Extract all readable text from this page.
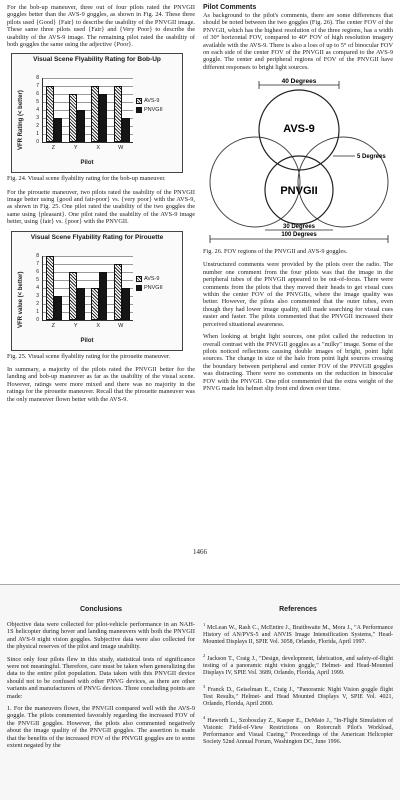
For the bob-up maneuver, three out of four pilots rated the PNVGII goggles better than the AVS-9 goggles, as shown in Fig. 24. These three pilots used {Good} {Fair} to describe the usability of the PNVGII image. These same three pilots used {Fair} and {Very Poor} to describe the usability of the AVS-9 image. The remaining pilot rated the usability of both goggles the same using the adjective {Poor}.

Visual Scene Flyability Rating for Bob-Up
VFR Rating (< better)
Pilot
AVS-9
PNVGII
0
1
2
3
4
5
6
7
8
Z	Y	X	W

Fig. 24. Visual scene flyability rating for the bob-up maneuver.

For the pirouette maneuver, two pilots rated the usability of the PNVGII image better using {good and fair-poor} vs. {very poor} with the AVS-9, as shown in Fig. 25. One pilot rated the usability of the two goggles the same using {pleasant}. One pilot rated the usability of the AVS-9 image better, using {fair} vs. {poor} with the PNVGII.

Visual Scene Flyability Rating for Pirouette
VFR value (< better)
Pilot
AVS-9
PNVGII
0
1
2
3
4
5
6
7
8
Z	Y	X	W

Fig. 25. Visual scene flyability rating for the pirouette maneuver.

In summary, a majority of the pilots rated the PNVGII better for the landing and bob-up maneuver as far as the usability of the visual scene. However, ratings were more mixed and there was no majority in the ratings for the pirouette maneuver. Recall that the pirouette maneuver was the only maneuver flown better with the AVS-9.

Pilot Comments

As background to the pilot's comments, there are some differences that should be noted between the two goggles (Fig. 26). The center FOV of the PNVGII, which has the highest resolution of the three regions, has a width of 30° horizontal FOV, compared to 40° FOV of high resolution imagery available with the AVS-9. There is also a loss of up to 5° of binocular FOV on each side of the center FOV of the PNVGII as compared to the AVS-9 goggle. The center and peripheral regions of FOV of the PNVGII have different responses to bright light sources.

40 Degrees
AVS-9
PNVGII
5 Degrees
30 Degrees
100 Degrees

Fig. 26. FOV regions of the PNVGII and AVS-9 goggles.

Unstructured comments were provided by the pilots over the radio. The number one comment from the four pilots was that the image in the peripheral tubes of the PNVGII appeared to be out-of-focus. There were comments from the pilots that they moved their heads to get visual cues within the center FOV of the PNVGIIs, where the image quality was better. However, the pilots also commented that the outer tubes, even though they had lower image quality, still made searching for visual cues easier and faster. The pilots commented that the PNVGII increased their perceived situational awareness.

When looking at bright light sources, one pilot called the reduction in overall contrast with the PNVGII goggles as a "milky" image. Some of the pilots noticed reflections causing double images of bright, point light sources. The change in size of the halo from point light sources crossing the boundary between peripheral and center FOV of the PNVGII goggles was distracting. There were no comments on the reduction in binocular FOV with the PNVGII. One pilot commented that the extra weight of the PNVG made his helmet slip front end down over time.

1466
Conclusions

Objective data were collected for pilot-vehicle performance in an NAH-1S helicopter during hover and landing maneuvers with both the PNVGII and AVS-9 night vision goggles. Subjective data were also collected for the physical reserves of the pilot and image usability.

Since only four pilots flew in this study, statistical tests of significance were not meaningful. Therefore, care must be taken when generalizing the data to the entire pilot population. Data taken with this PNVGII device should not to be confused with other PNVG devices, as there are other variants and manufacturers of PNVG devices. Three concluding points are made:

1. For the maneuvers flown, the PNVGII compared well with the AVS-9 goggle. The pilots commented favorably regarding the increased FOV of the PNVGII goggles. However, the pilots also commented negatively about the image quality of the PNVGII goggles. The assertion is made that the benefits of the increased FOV of the PNVGII goggles are to some extent negated by the

References

$^1$ McLean W., Rash C., McEntire J., Braithwaite M., Mora J., "A Performance History of AN/PVS-5 and ANVIS Image Intensification Systems," Head-Mounted Displays II, SPIE Vol. 3058, Orlando, Florida, April 1997.

$^2$ Jackson T., Craig J., "Design, development, fabrication, and safety-of-flight testing of a panoramic night vision goggle," Helmet- and Head-Mounted Displays IV, SPIE Vol. 3689, Orlando, Florida, April 1999.

$^3$ Franck D., Geiselman E., Craig J., "Panoramic Night Vision goggle flight Test Results," Helmet- and Head Mounted Displays V, SPIE Vol. 4021, Orlando, Florida, April 2000.

$^4$ Haworth L., Szoboszlay Z., Kasper E., DeMaio J., "In-Flight Simulation of Visionic Field-of-View Restrictions on Rotorcraft Pilot's Workload, Performance and Visual Cueing," Proceedings of the American Helicopter Society 52nd Annual Forum, Washington DC, June 1996.
